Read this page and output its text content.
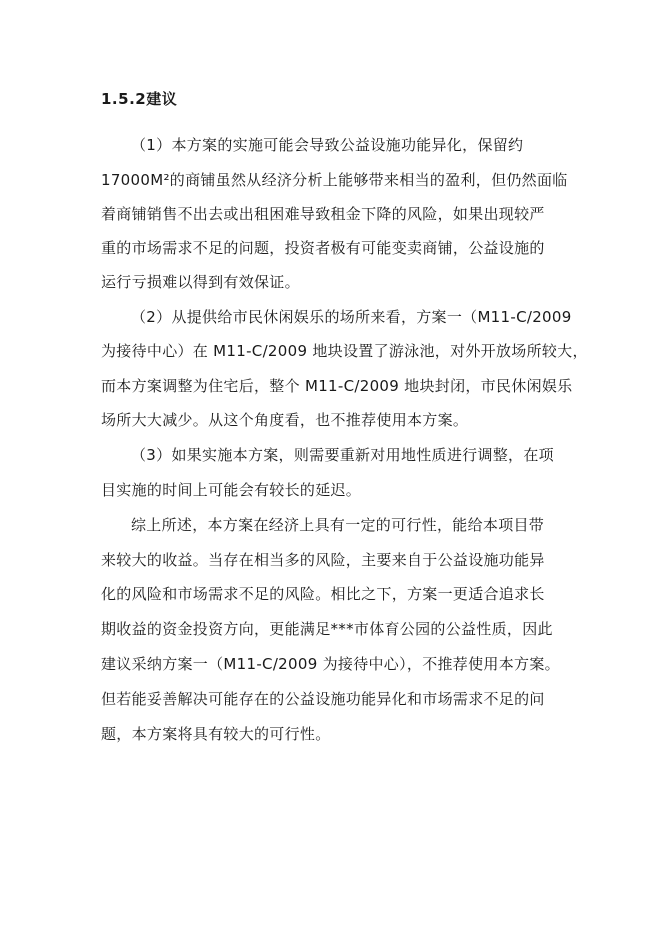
1.5.2建议
（1）本方案的实施可能会导致公益设施功能异化，保留约
17000M²的商铺虽然从经济分析上能够带来相当的盈利，但仍然面临
着商铺销售不出去或出租困难导致租金下降的风险，如果出现较严
重的市场需求不足的问题，投资者极有可能变卖商铺，公益设施的
运行亏损难以得到有效保证。
（2）从提供给市民休闲娱乐的场所来看，方案一（M11-C/2009
为接待中心）在 M11-C/2009 地块设置了游泳池，对外开放场所较大，
而本方案调整为住宅后，整个 M11-C/2009 地块封闭，市民休闲娱乐
场所大大减少。从这个角度看，也不推荐使用本方案。
（3）如果实施本方案，则需要重新对用地性质进行调整，在项
目实施的时间上可能会有较长的延迟。
综上所述，本方案在经济上具有一定的可行性，能给本项目带
来较大的收益。当存在相当多的风险，主要来自于公益设施功能异
化的风险和市场需求不足的风险。相比之下，方案一更适合追求长
期收益的资金投资方向，更能满足***市体育公园的公益性质，因此
建议采纳方案一（M11-C/2009 为接待中心），不推荐使用本方案。
但若能妥善解决可能存在的公益设施功能异化和市场需求不足的问
题，本方案将具有较大的可行性。
